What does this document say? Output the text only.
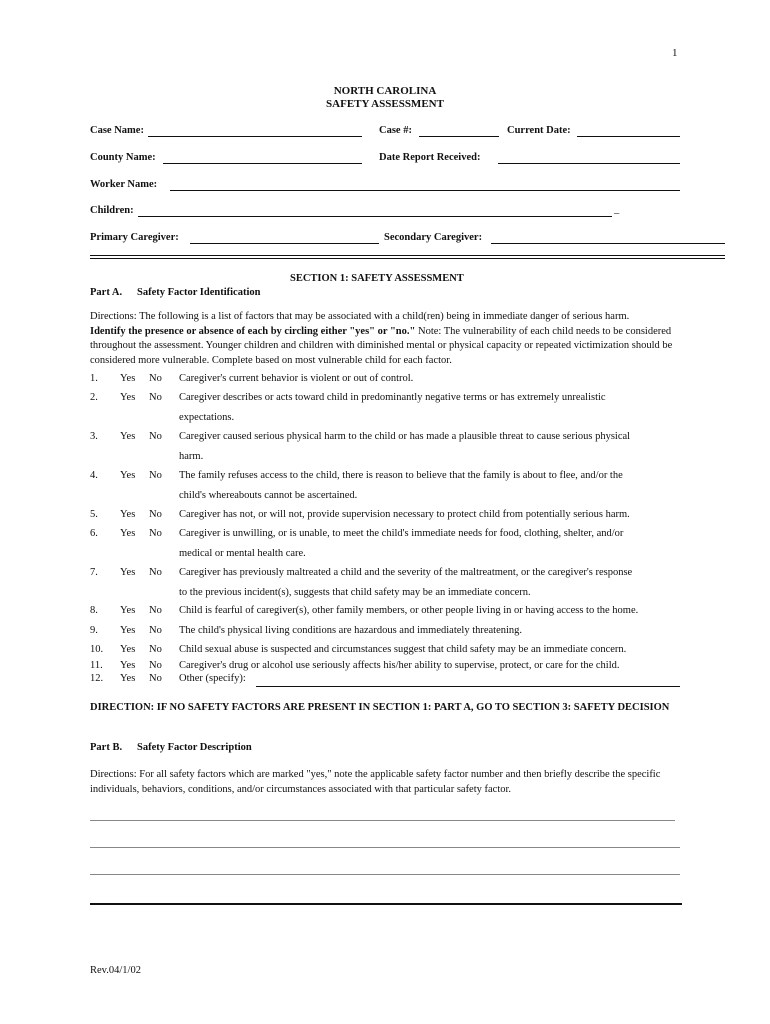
1
NORTH CAROLINA
SAFETY ASSESSMENT
Case Name:	Case #:	Current Date:
County Name:	Date Report Received:
Worker Name:
Children:	_
Primary Caregiver:	Secondary Caregiver:
SECTION 1: SAFETY ASSESSMENT
Part A. Safety Factor Identification
Directions: The following is a list of factors that may be associated with a child(ren) being in immediate danger of serious harm.
Identify the presence or absence of each by circling either "yes" or "no." Note: The vulnerability of each child needs to be considered throughout the assessment. Younger children and children with diminished mental or physical capacity or repeated victimization should be considered more vulnerable. Complete based on most vulnerable child for each factor.
1. Yes No Caregiver's current behavior is violent or out of control.
2. Yes No Caregiver describes or acts toward child in predominantly negative terms or has extremely unrealistic
expectations.
3. Yes No Caregiver caused serious physical harm to the child or has made a plausible threat to cause serious physical
harm.
4. Yes No The family refuses access to the child, there is reason to believe that the family is about to flee, and/or the
child's whereabouts cannot be ascertained.
5. Yes No Caregiver has not, or will not, provide supervision necessary to protect child from potentially serious harm.
6. Yes No Caregiver is unwilling, or is unable, to meet the child's immediate needs for food, clothing, shelter, and/or
medical or mental health care.
7. Yes No Caregiver has previously maltreated a child and the severity of the maltreatment, or the caregiver's response
to the previous incident(s), suggests that child safety may be an immediate concern.
8. Yes No Child is fearful of caregiver(s), other family members, or other people living in or having access to the home.
9. Yes No The child's physical living conditions are hazardous and immediately threatening.
10. Yes No Child sexual abuse is suspected and circumstances suggest that child safety may be an immediate concern.
11. Yes No Caregiver's drug or alcohol use seriously affects his/her ability to supervise, protect, or care for the child.
12. Yes No Other (specify):
DIRECTION: IF NO SAFETY FACTORS ARE PRESENT IN SECTION 1: PART A, GO TO SECTION 3: SAFETY DECISION
Part B. Safety Factor Description
Directions: For all safety factors which are marked "yes," note the applicable safety factor number and then briefly describe the specific individuals, behaviors, conditions, and/or circumstances associated with that particular safety factor.
Rev.04/1/02
